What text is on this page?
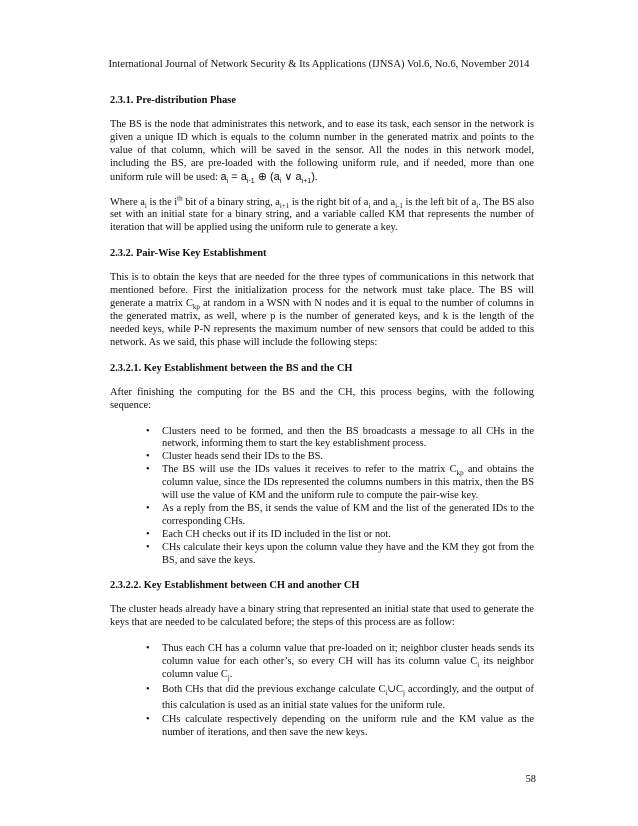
International Journal of Network Security & Its Applications (IJNSA) Vol.6, No.6, November 2014
2.3.1. Pre-distribution Phase

The BS is the node that administrates this network, and to ease its task, each sensor in the network is given a unique ID which is equals to the column number in the generated matrix and points to the value of that column, which will be saved in the sensor. All the nodes in this network model, including the BS, are pre-loaded with the following uniform rule, and if needed, more than one uniform rule will be used: $a_i = a_{i-1}$ ⊕ ($a_i$ ∨ $a_{i+1}$).

Where $a_i$ is the $i^{th}$ bit of a binary string, $a_{i+1}$ is the right bit of $a_i$ and $a_{i-1}$ is the left bit of $a_i$. The BS also set with an initial state for a binary string, and a variable called KM that represents the number of iteration that will be applied using the uniform rule to generate a key.

2.3.2. Pair-Wise Key Establishment

This is to obtain the keys that are needed for the three types of communications in this network that mentioned before. First the initialization process for the network must take place. The BS will generate a matrix $C_{kp}$ at random in a WSN with N nodes and it is equal to the number of columns in the generated matrix, as well, where p is the number of generated keys, and k is the length of the needed keys, while P-N represents the maximum number of new sensors that could be added to this network. As we said, this phase will include the following steps:

2.3.2.1. Key Establishment between the BS and the CH

After finishing the computing for the BS and the CH, this process begins, with the following sequence:

• Clusters need to be formed, and then the BS broadcasts a message to all CHs in the network, informing them to start the key establishment process.
• Cluster heads send their IDs to the BS.
• The BS will use the IDs values it receives to refer to the matrix $C_{kp}$ and obtains the column value, since the IDs represented the columns numbers in this matrix, then the BS will use the value of KM and the uniform rule to compute the pair-wise key.
• As a reply from the BS, it sends the value of KM and the list of the generated IDs to the corresponding CHs.
• Each CH checks out if its ID included in the list or not.
• CHs calculate their keys upon the column value they have and the KM they got from the BS, and save the keys.
2.3.2.2. Key Establishment between CH and another CH

The cluster heads already have a binary string that represented an initial state that used to generate the keys that are needed to be calculated before; the steps of this process are as follow:

• Thus each CH has a column value that pre-loaded on it; neighbor cluster heads sends its column value for each other’s, so every CH will has its column value $C_i$ its neighbor column value $C_j$.
• Both CHs that did the previous exchange calculate $C_i\cup C_j$ accordingly, and the output of this calculation is used as an initial state values for the uniform rule.
• CHs calculate respectively depending on the uniform rule and the KM value as the number of iterations, and then save the new keys.
58
